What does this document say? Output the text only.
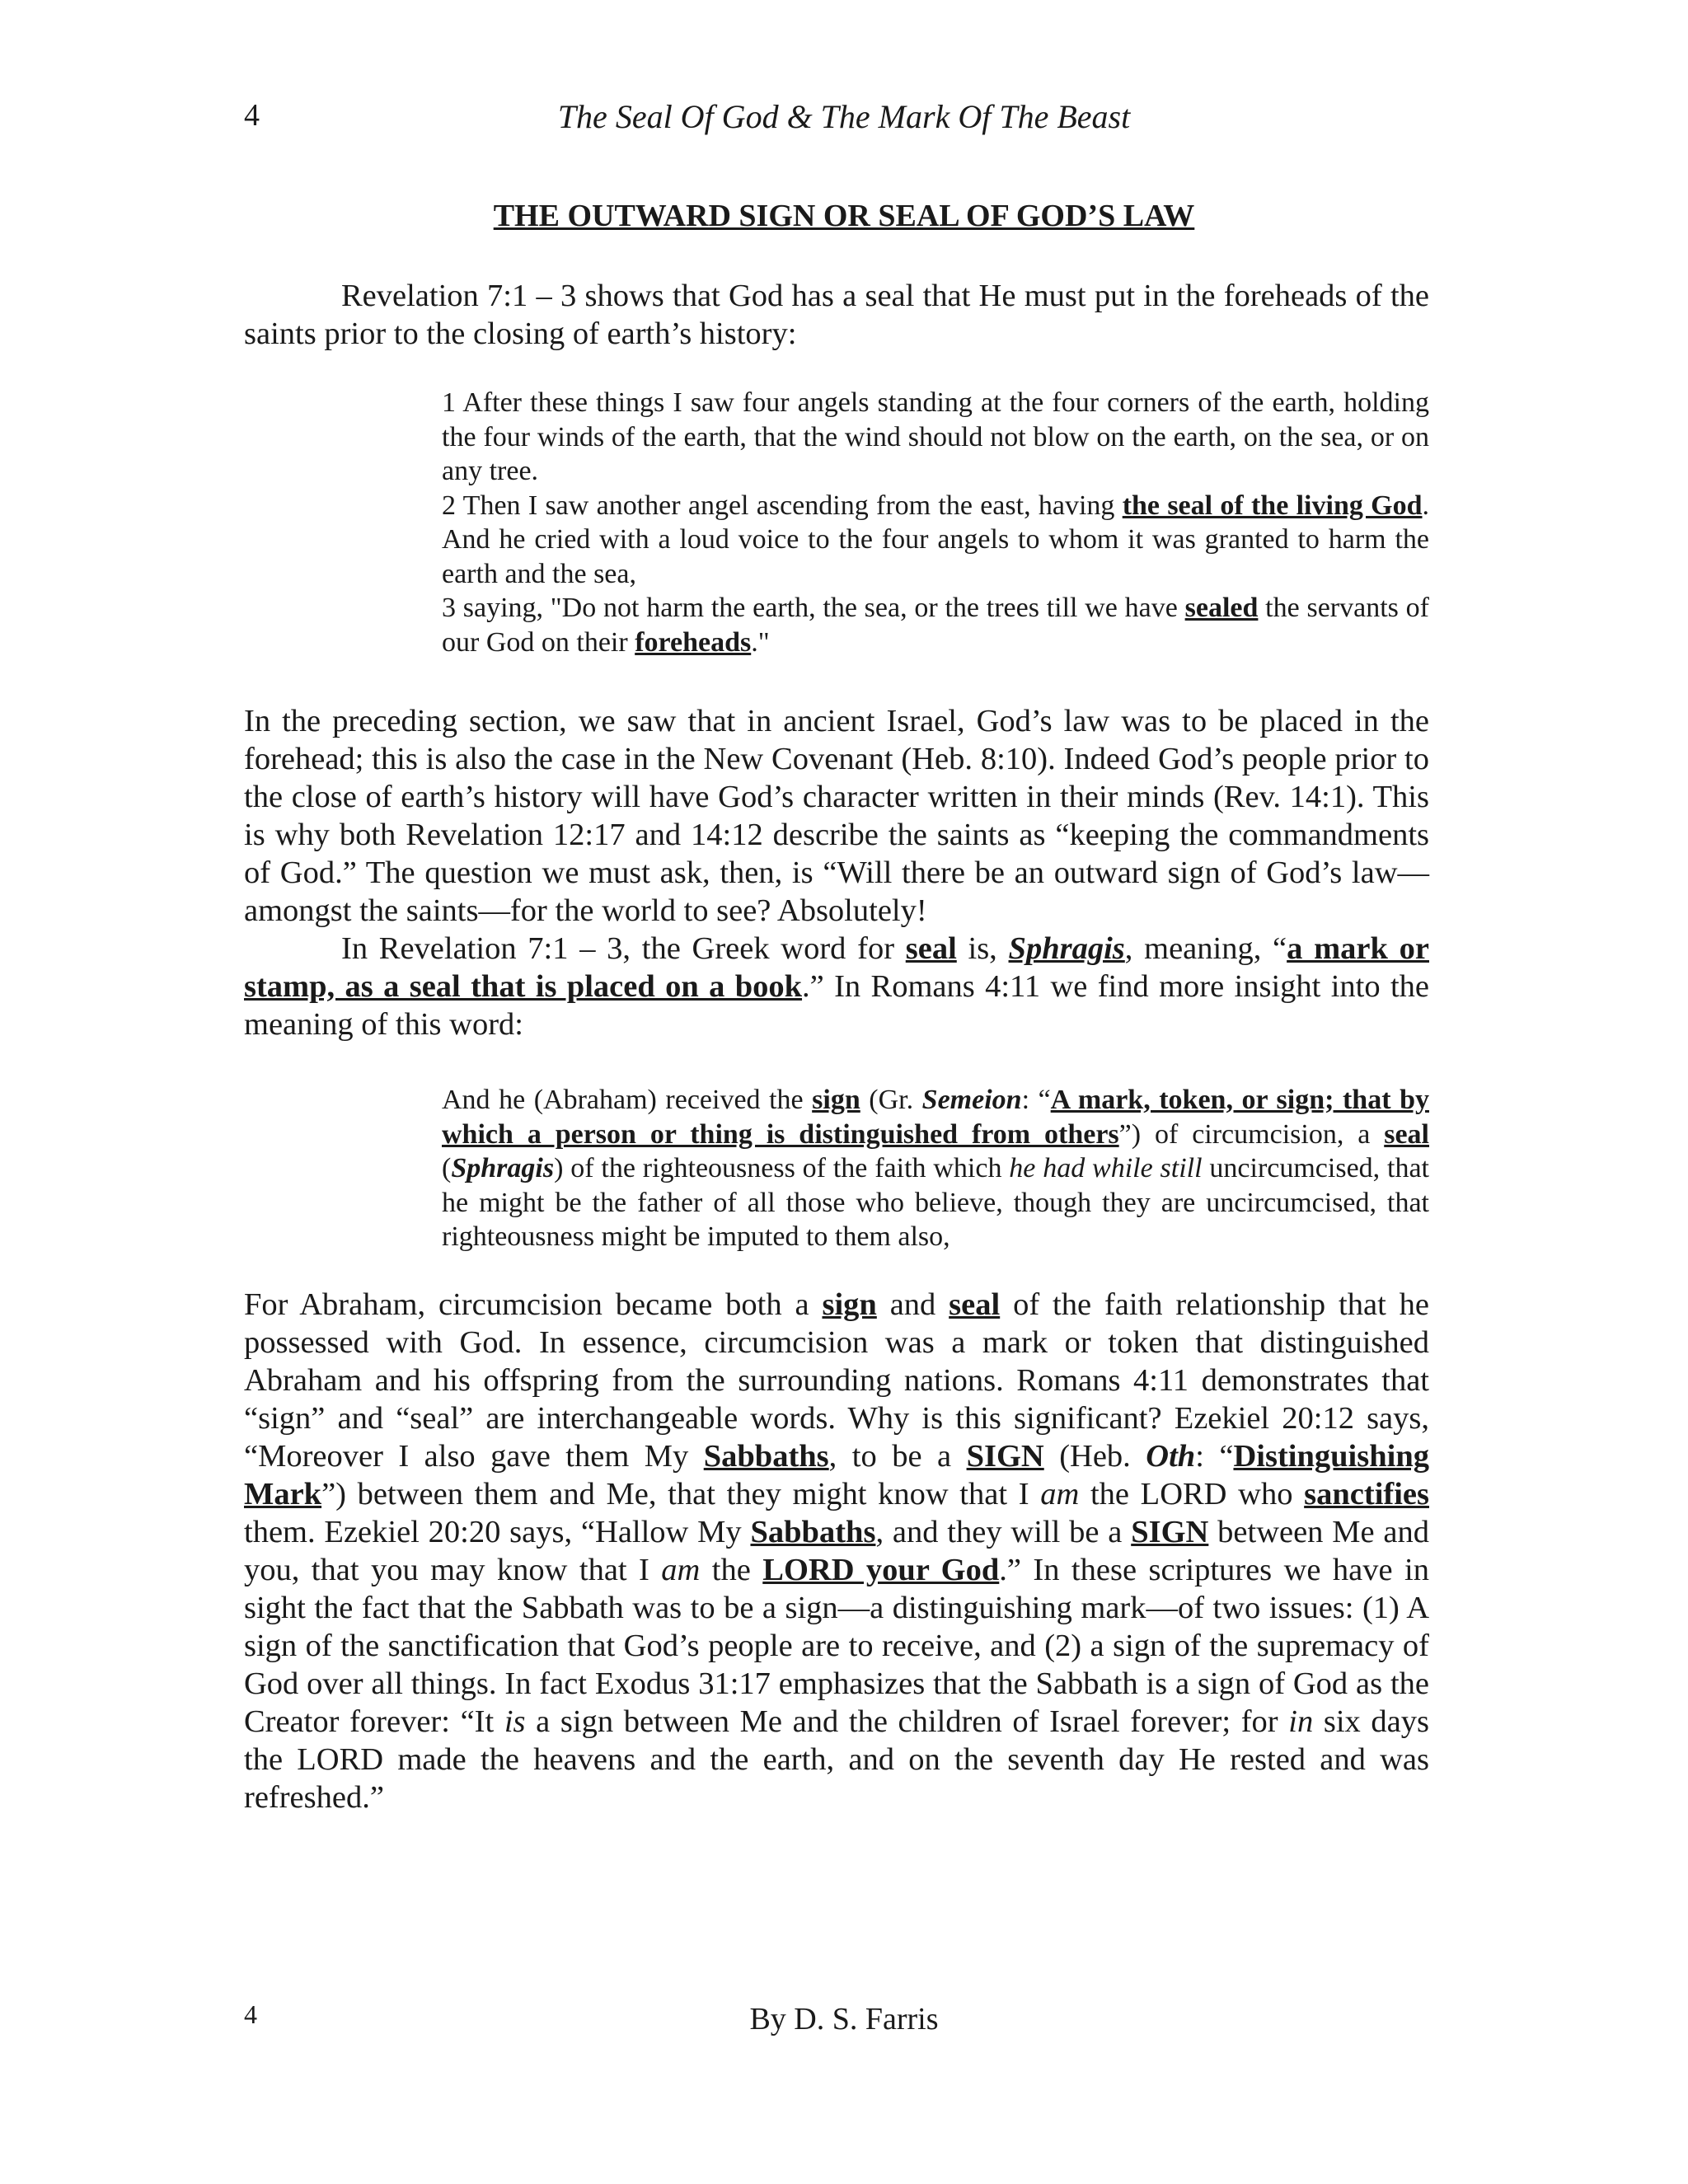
4	The Seal Of God & The Mark Of The Beast
THE OUTWARD SIGN OR SEAL OF GOD’S LAW

Revelation 7:1 – 3 shows that God has a seal that He must put in the foreheads of the saints prior to the closing of earth’s history:

1 After these things I saw four angels standing at the four corners of the earth, holding the four winds of the earth, that the wind should not blow on the earth, on the sea, or on any tree.

2 Then I saw another angel ascending from the east, having the seal of the living God. And he cried with a loud voice to the four angels to whom it was granted to harm the earth and the sea,

3 saying, "Do not harm the earth, the sea, or the trees till we have sealed the servants of our God on their foreheads."

In the preceding section, we saw that in ancient Israel, God’s law was to be placed in the forehead; this is also the case in the New Covenant (Heb. 8:10). Indeed God’s people prior to the close of earth’s history will have God’s character written in their minds (Rev. 14:1). This is why both Revelation 12:17 and 14:12 describe the saints as “keeping the commandments of God.” The question we must ask, then, is “Will there be an outward sign of God’s law—amongst the saints—for the world to see? Absolutely!

In Revelation 7:1 – 3, the Greek word for seal is, Sphragis, meaning, “a mark or stamp, as a seal that is placed on a book.” In Romans 4:11 we find more insight into the meaning of this word:

And he (Abraham) received the sign (Gr. Semeion: “A mark, token, or sign; that by which a person or thing is distinguished from others”) of circumcision, a seal (Sphragis) of the righteousness of the faith which he had while still uncircumcised, that he might be the father of all those who believe, though they are uncircumcised, that righteousness might be imputed to them also,

For Abraham, circumcision became both a sign and seal of the faith relationship that he possessed with God. In essence, circumcision was a mark or token that distinguished Abraham and his offspring from the surrounding nations. Romans 4:11 demonstrates that “sign” and “seal” are interchangeable words. Why is this significant? Ezekiel 20:12 says, “Moreover I also gave them My Sabbaths, to be a SIGN (Heb. Oth: “Distinguishing Mark”) between them and Me, that they might know that I am the LORD who sanctifies them. Ezekiel 20:20 says, “Hallow My Sabbaths, and they will be a SIGN between Me and you, that you may know that I am the LORD your God.” In these scriptures we have in sight the fact that the Sabbath was to be a sign—a distinguishing mark—of two issues: (1) A sign of the sanctification that God’s people are to receive, and (2) a sign of the supremacy of God over all things. In fact Exodus 31:17 emphasizes that the Sabbath is a sign of God as the Creator forever: “It is a sign between Me and the children of Israel forever; for in six days the LORD made the heavens and the earth, and on the seventh day He rested and was refreshed.”

4	By D. S. Farris
